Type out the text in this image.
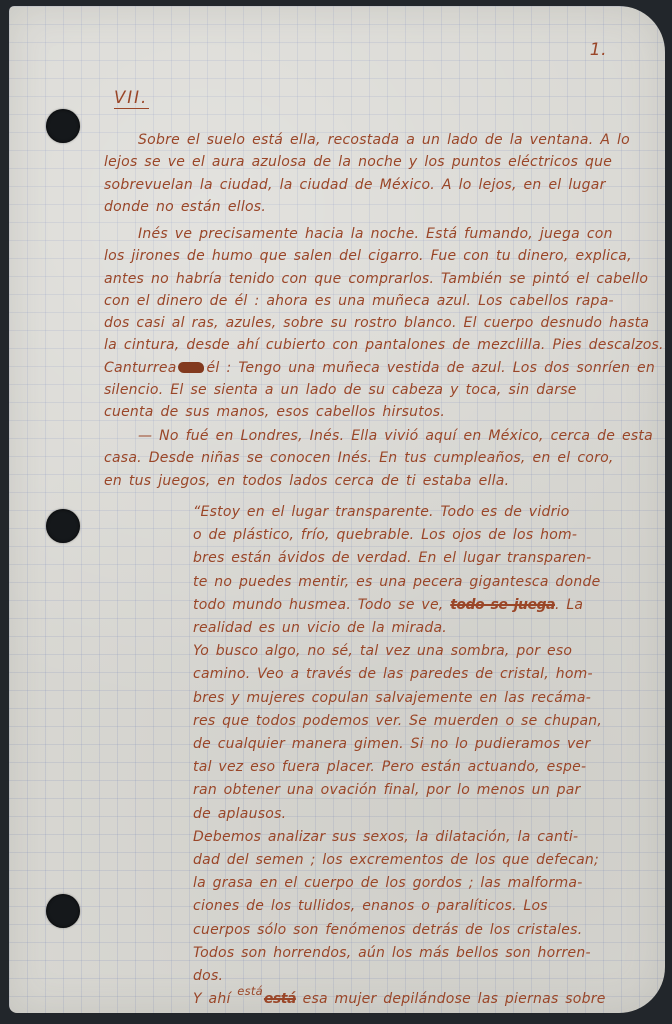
1.
VII.
Sobre el suelo está ella, recostada a un lado de la ventana. A lo
lejos se ve el aura azulosa de la noche y los puntos eléctricos que
sobrevuelan la ciudad, la ciudad de México. A lo lejos, en el lugar
donde no están ellos.
Inés ve precisamente hacia la noche. Está fumando, juega con
los jirones de humo que salen del cigarro. Fue con tu dinero, explica,
antes no habría tenido con que comprarlos. También se pintó el cabello
con el dinero de él : ahora es una muñeca azul. Los cabellos rapa-
dos casi al ras, azules, sobre su rostro blanco. El cuerpo desnudo hasta
la cintura, desde ahí cubierto con pantalones de mezclilla. Pies descalzos.
Canturrea él : Tengo una muñeca vestida de azul. Los dos sonríen en
silencio. El se sienta a un lado de su cabeza y toca, sin darse
cuenta de sus manos, esos cabellos hirsutos.
— No fué en Londres, Inés. Ella vivió aquí en México, cerca de esta
casa. Desde niñas se conocen Inés. En tus cumpleaños, en el coro,
en tus juegos, en todos lados cerca de ti estaba ella.
“Estoy en el lugar transparente. Todo es de vidrio
o de plástico, frío, quebrable. Los ojos de los hom-
bres están ávidos de verdad. En el lugar transparen-
te no puedes mentir, es una pecera gigantesca donde
todo mundo husmea. Todo se ve, todo se juega. La
realidad es un vicio de la mirada.
Yo busco algo, no sé, tal vez una sombra, por eso
camino. Veo a través de las paredes de cristal, hom-
bres y mujeres copulan salvajemente en las recáma-
res que todos podemos ver. Se muerden o se chupan,
de cualquier manera gimen. Si no lo pudieramos ver
tal vez eso fuera placer. Pero están actuando, espe-
ran obtener una ovación final, por lo menos un par
de aplausos.
Debemos analizar sus sexos, la dilatación, la canti-
dad del semen ; los excrementos de los que defecan;
la grasa en el cuerpo de los gordos ; las malforma-
ciones de los tullidos, enanos o paralíticos. Los
cuerpos sólo son fenómenos detrás de los cristales.
Todos son horrendos, aún los más bellos son horren-
dos.
Y ahí estáestá esa mujer depilándose las piernas sobre
